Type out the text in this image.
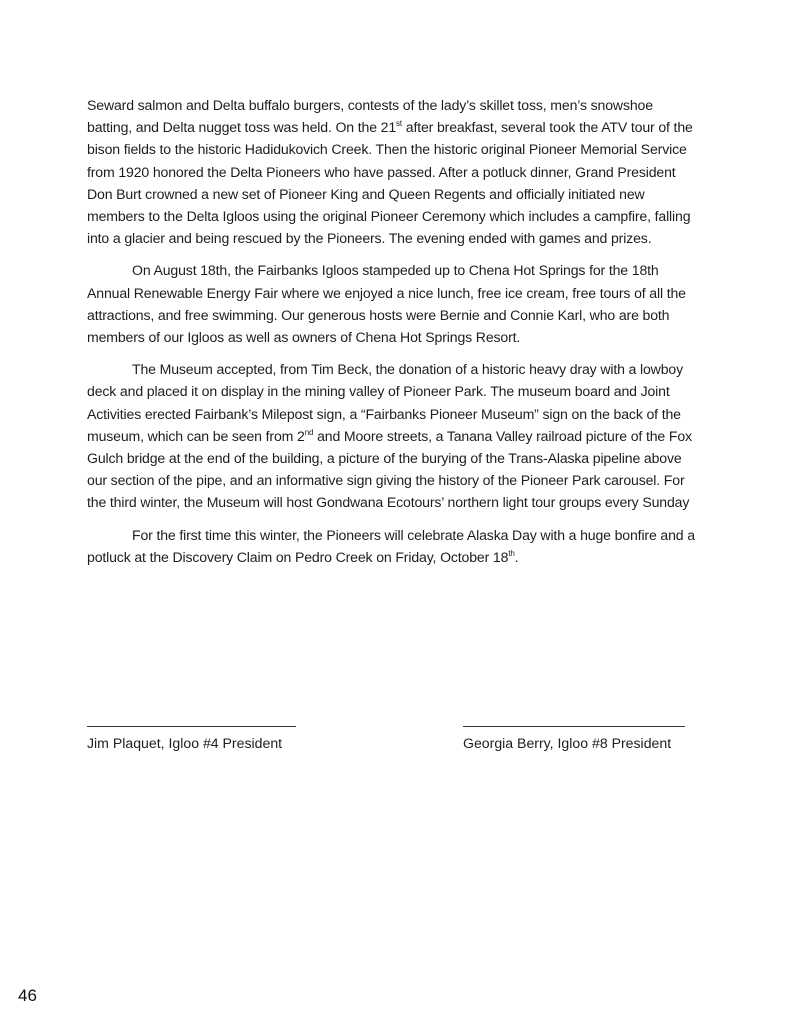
Seward salmon and Delta buffalo burgers, contests of the lady’s skillet toss, men’s snowshoe batting, and Delta nugget toss was held. On the 21st after breakfast, several took the ATV tour of the bison fields to the historic Hadidukovich Creek. Then the historic original Pioneer Memorial Service from 1920 honored the Delta Pioneers who have passed. After a potluck dinner, Grand President Don Burt crowned a new set of Pioneer King and Queen Regents and officially initiated new members to the Delta Igloos using the original Pioneer Ceremony which includes a campfire, falling into a glacier and being rescued by the Pioneers. The evening ended with games and prizes.

On August 18th, the Fairbanks Igloos stampeded up to Chena Hot Springs for the 18th Annual Renewable Energy Fair where we enjoyed a nice lunch, free ice cream, free tours of all the attractions, and free swimming. Our generous hosts were Bernie and Connie Karl, who are both members of our Igloos as well as owners of Chena Hot Springs Resort.

The Museum accepted, from Tim Beck, the donation of a historic heavy dray with a lowboy deck and placed it on display in the mining valley of Pioneer Park. The museum board and Joint Activities erected Fairbank’s Milepost sign, a “Fairbanks Pioneer Museum” sign on the back of the museum, which can be seen from 2nd and Moore streets, a Tanana Valley railroad picture of the Fox Gulch bridge at the end of the building, a picture of the burying of the Trans-Alaska pipeline above our section of the pipe, and an informative sign giving the history of the Pioneer Park carousel. For the third winter, the Museum will host Gondwana Ecotours’ northern light tour groups every Sunday

For the first time this winter, the Pioneers will celebrate Alaska Day with a huge bonfire and a potluck at the Discovery Claim on Pedro Creek on Friday, October 18th.

Jim Plaquet, Igloo #4 President	Georgia Berry, Igloo #8 President
46
